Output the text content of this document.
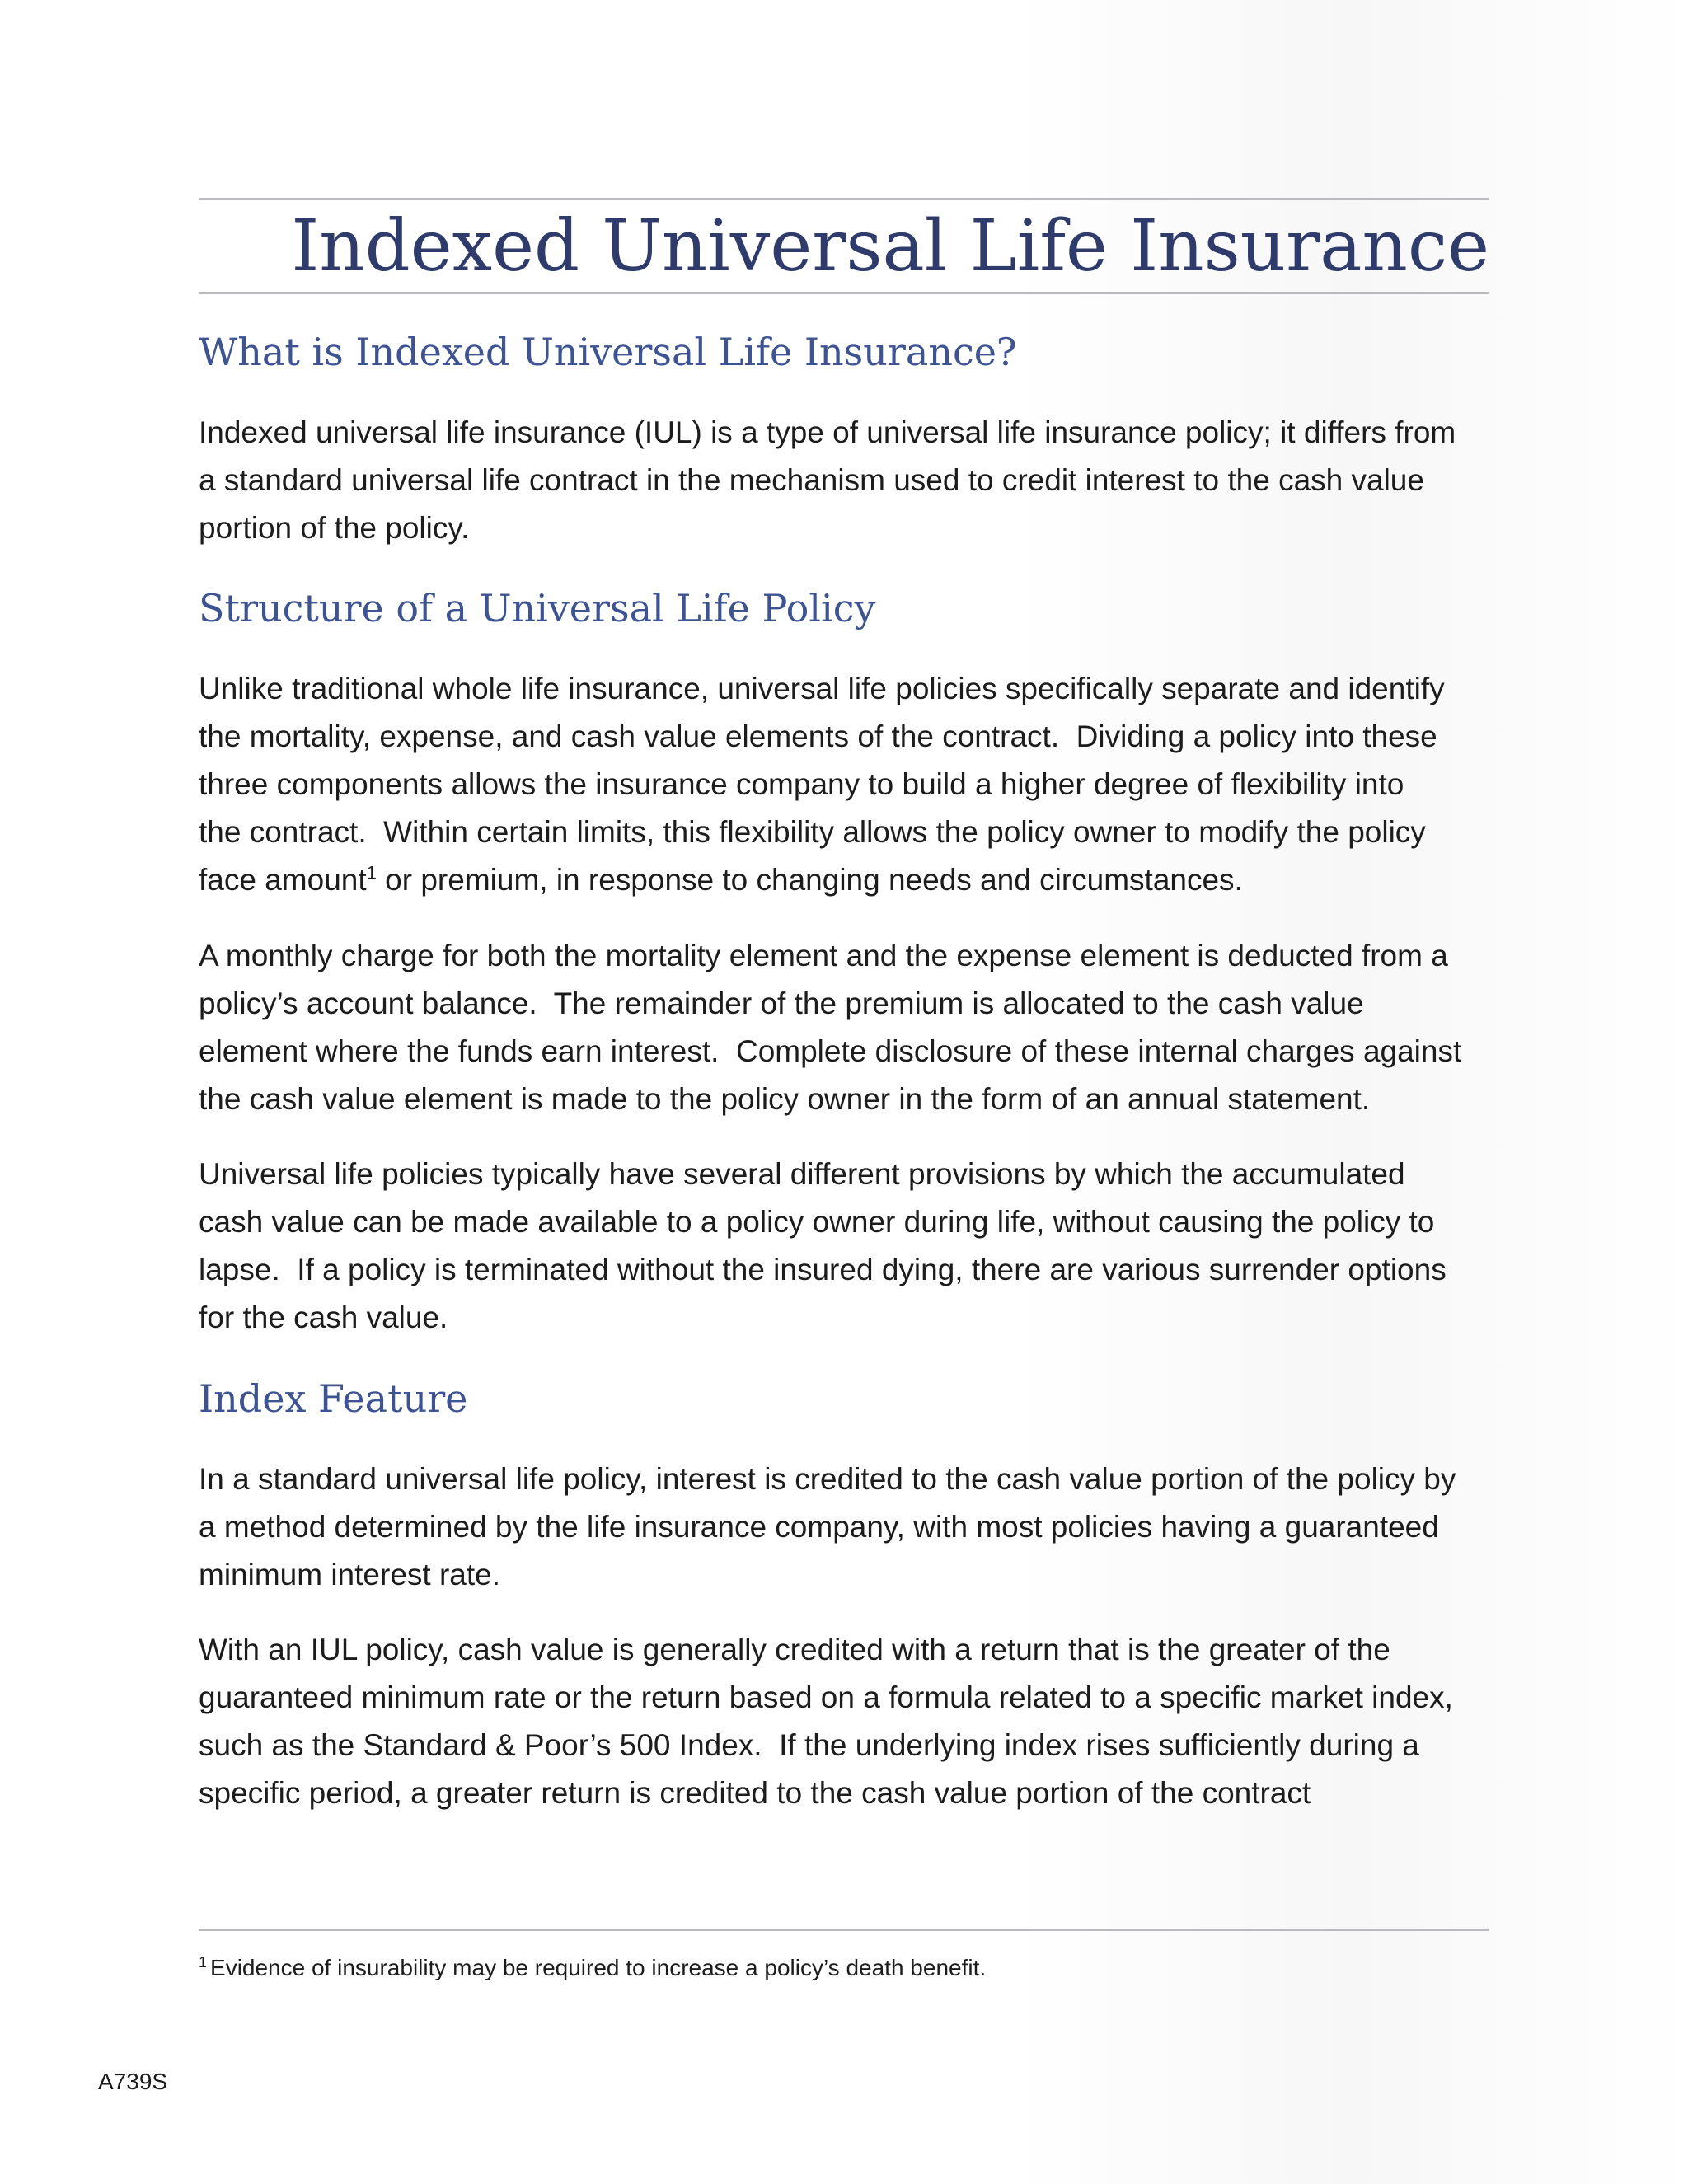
Indexed Universal Life Insurance
What is Indexed Universal Life Insurance?

Indexed universal life insurance (IUL) is a type of universal life insurance policy; it differs from
a standard universal life contract in the mechanism used to credit interest to the cash value
portion of the policy.

Structure of a Universal Life Policy

Unlike traditional whole life insurance, universal life policies specifically separate and identify
the mortality, expense, and cash value elements of the contract.  Dividing a policy into these
three components allows the insurance company to build a higher degree of flexibility into
the contract.  Within certain limits, this flexibility allows the policy owner to modify the policy
face amount$^1$ or premium, in response to changing needs and circumstances.

A monthly charge for both the mortality element and the expense element is deducted from a
policy’s account balance.  The remainder of the premium is allocated to the cash value
element where the funds earn interest.  Complete disclosure of these internal charges against
the cash value element is made to the policy owner in the form of an annual statement.

Universal life policies typically have several different provisions by which the accumulated
cash value can be made available to a policy owner during life, without causing the policy to
lapse.  If a policy is terminated without the insured dying, there are various surrender options
for the cash value.

Index Feature

In a standard universal life policy, interest is credited to the cash value portion of the policy by
a method determined by the life insurance company, with most policies having a guaranteed
minimum interest rate.

With an IUL policy, cash value is generally credited with a return that is the greater of the
guaranteed minimum rate or the return based on a formula related to a specific market index,
such as the Standard & Poor’s 500 Index.  If the underlying index rises sufficiently during a
specific period, a greater return is credited to the cash value portion of the contract

$^1$ Evidence of insurability may be required to increase a policy’s death benefit.

A739S
